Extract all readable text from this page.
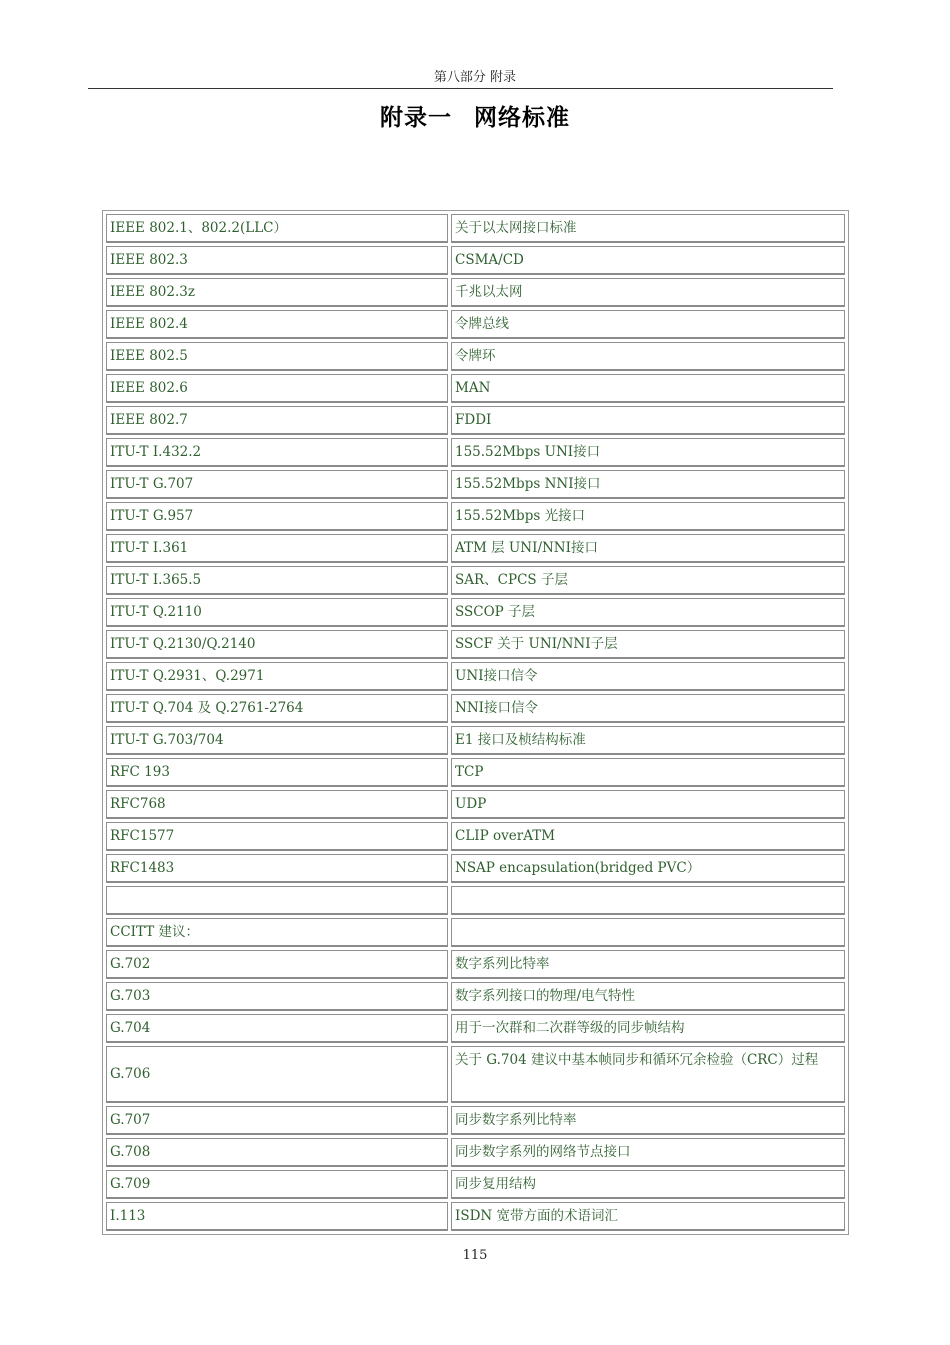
第八部分 附录
附录一 网络标准
IEEE 802.1、802.2(LLC）	关于以太网接口标准
IEEE 802.3	CSMA/CD
IEEE 802.3z	千兆以太网
IEEE 802.4	令牌总线
IEEE 802.5	令牌环
IEEE 802.6	MAN
IEEE 802.7	FDDI
ITU-T I.432.2	155.52Mbps UNI接口
ITU-T G.707	155.52Mbps NNI接口
ITU-T G.957	155.52Mbps 光接口
ITU-T I.361	ATM 层 UNI/NNI接口
ITU-T I.365.5	SAR、CPCS 子层
ITU-T Q.2110	SSCOP 子层
ITU-T Q.2130/Q.2140	SSCF 关于 UNI/NNI子层
ITU-T Q.2931、Q.2971	UNI接口信令
ITU-T Q.704 及 Q.2761-2764	NNI接口信令
ITU-T G.703/704	E1 接口及桢结构标准
RFC 193	TCP
RFC768	UDP
RFC1577	CLIP overATM
RFC1483	NSAP encapsulation(bridged PVC）

CCITT 建议：	
G.702	数字系列比特率
G.703	数字系列接口的物理/电气特性
G.704	用于一次群和二次群等级的同步帧结构
G.706	关于 G.704 建议中基本帧同步和循环冗余检验（CRC）过程
G.707	同步数字系列比特率
G.708	同步数字系列的网络节点接口
G.709	同步复用结构
I.113	ISDN 宽带方面的术语词汇
115
